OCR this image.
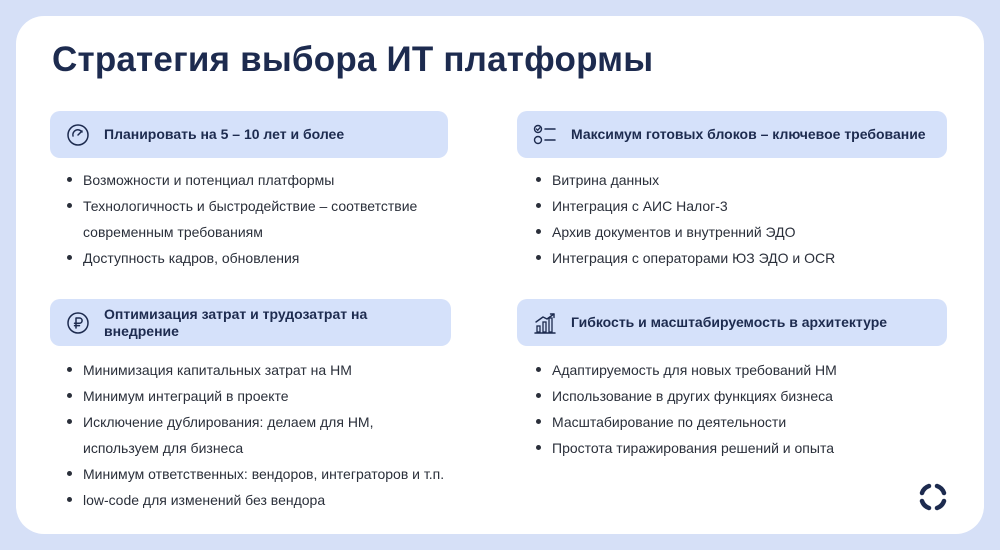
Стратегия выбора ИТ платформы
Планировать на 5 – 10 лет и более
Возможности и потенциал платформы
Технологичность и быстродействие – соответствие
современным требованиям
Доступность кадров, обновления
Максимум готовых блоков – ключевое требование
Витрина данных
Интеграция с АИС Налог-3
Архив документов и внутренний ЭДО
Интеграция с операторами ЮЗ ЭДО и OCR
Оптимизация затрат и трудозатрат на внедрение
Минимизация капитальных затрат на НМ
Минимум интеграций в проекте
Исключение дублирования: делаем для НМ,
используем для бизнеса
Минимум ответственных: вендоров, интеграторов и т.п.
low-code для изменений без вендора
Гибкость и масштабируемость в архитектуре
Адаптируемость для новых требований НМ
Использование в других функциях бизнеса
Масштабирование по деятельности
Простота тиражирования решений и опыта
